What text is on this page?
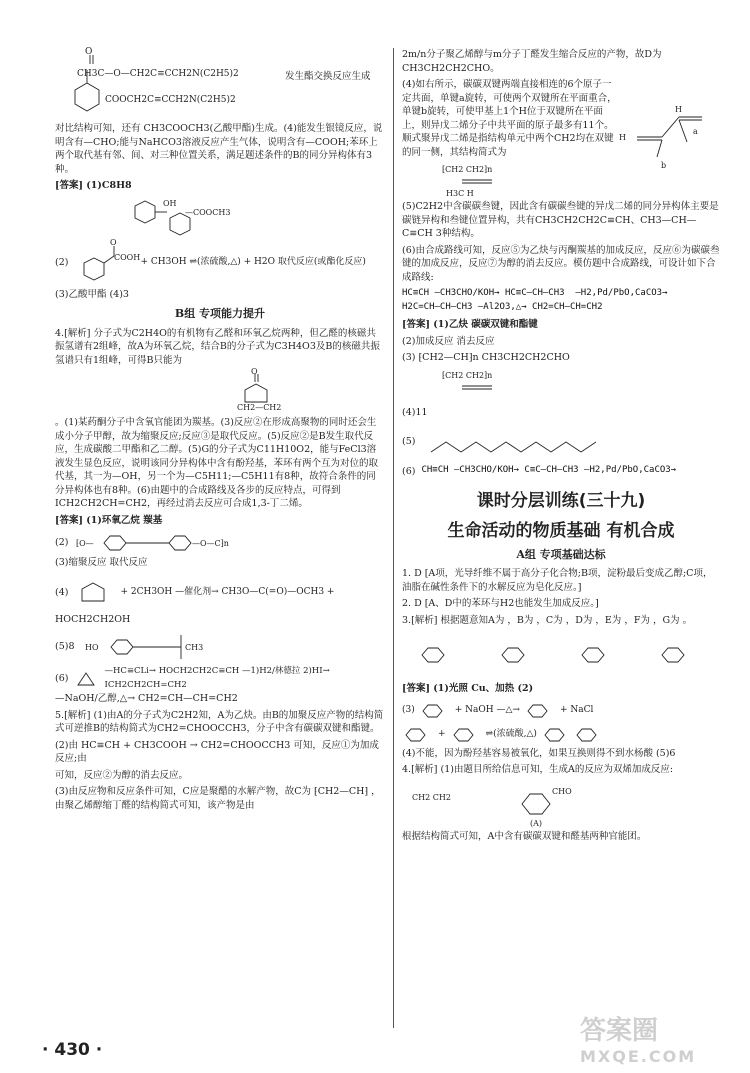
CH3C—O—CH2C≡CCH2N(C2H5)2
COOCH2C≡CCH2N(C2H5)2
O

发生酯交换反应生成

对比结构可知，还有 CH3COOCH3(乙酸甲酯)生成。(4)能发生银镜反应，说明含有—CHO;能与NaHCO3溶液反应产生气体，说明含有—COOH;苯环上两个取代基有邻、间、对三种位置关系，满足题述条件的B的同分异构体有3种。

[答案] (1)C8H8

OH
—COOCH3
(2)
O
COOH + CH3OH ⇌(浓硫酸,△) + H2O 取代反应(或酯化反应)

(3)乙酸甲酯 (4)3

B组 专项能力提升

4.[解析] 分子式为C2H4O的有机物有乙醛和环氧乙烷两种，但乙醛的核磁共振氢谱有2组峰，故A为环氧乙烷，结合B的分子式为C3H4O3及B的核磁共振氢谱只有1组峰，可得B只能为

O
CH2—CH2

。(1)某药酮分子中含氧官能团为羰基。(3)反应②在形成高聚物的同时还会生成小分子甲醇，故为缩聚反应;反应③是取代反应。(5)反应②是B发生取代反应，生成碳酸二甲酯和乙二醇。(5)G的分子式为C11H10O2，能与FeCl3溶液发生显色反应，说明该同分异构体中含有酚羟基，苯环有两个互为对位的取代基，其一为—OH，另一个为—C5H11;—C5H11有8种，故符合条件的同分异构体也有8种。(6)由题中的合成路线及各步的反应特点，可得到ICH2CH2CH=CH2，再经过消去反应可合成1,3-丁二烯。

[答案] (1)环氧乙烷 羰基

(2) ⁅O—	—O—C⁆n

(3)缩聚反应 取代反应

(4)	+ 2CH3OH —催化剂→ CH3O—C(=O)—OCH3 +

HOCH2CH2OH

(5)8 HO	CH3
(6)
—HC≡CLi→ HOCH2CH2C≡CH —1)H2/林德拉 2)HI→ ICH2CH2CH=CH2

—NaOH/乙醇,△→ CH2=CH—CH=CH2

5.[解析] (1)由A的分子式为C2H2知，A为乙炔。由B的加聚反应产物的结构简式可逆推B的结构简式为CH2=CHOOCCH3，分子中含有碳碳双键和酯键。

(2)由 HC≡CH + CH3COOH → CH2=CHOOCCH3 可知，反应①为加成反应;由

可知，反应②为醇的消去反应。

(3)由反应物和反应条件可知，C应是聚醋的水解产物，故C为 ⁅CH2—CH⁆ ，由聚乙烯醇缩丁醛的结构简式可知，该产物是由

2m/n分子聚乙烯醇与m分子丁醛发生缩合反应的产物，故D为CH3CH2CH2CHO。

(4)如右所示，碳碳双键两端直接相连的6个原子一定共面，单键a旋转，可使两个双键所在平面重合，单键b旋转，可使甲基上1个H位于双键所在平面上，则异戊二烯分子中共平面的原子最多有11个。顺式聚异戊二烯是指结构单元中两个CH2均在双键的同一侧，其结构简式为

H
a
b
H
⁅CH2 CH2⁆n
H3C H

(5)C2H2中含碳碳叁键，因此含有碳碳叁键的异戊二烯的同分异构体主要是碳链异构和叁键位置异构，共有CH3CH2CH2C≡CH、CH3—CH—C≡CH 3种结构。

(6)由合成路线可知，反应⑤为乙炔与丙酮羰基的加成反应，反应⑥为碳碳叁键的加成反应，反应⑦为醇的消去反应。模仿题中合成路线，可设计如下合成路线:

HC≡CH —CH3CHO/KOH→ HC≡C—CH—CH3  —H2,Pd/PbO,CaCO3→
H2C=CH—CH—CH3 —Al2O3,△→ CH2=CH—CH=CH2

[答案] (1)乙炔 碳碳双键和酯键

(2)加成反应 消去反应

(3) ⁅CH2—CH⁆n CH3CH2CH2CHO

⁅CH2 CH2⁆n

(4)11

(5)
(6) CH≡CH —CH3CHO/KOH→ C≡C—CH—CH3 —H2,Pd/PbO,CaCO3→
课时分层训练(三十九)
生命活动的物质基础 有机合成
A组 专项基础达标

1. D [A项，光导纤维不属于高分子化合物;B项，淀粉最后变成乙醇;C项，油脂在碱性条件下的水解反应为皂化反应。]

2. D [A、D中的苯环与H2也能发生加成反应。]

3.[解析] 根据题意知A为 ，B为 ，C为 ，D为 ，E为 ，F为 ，G为 。

[答案] (1)光照 Cu、加热 (2)

(3)	+ NaOH —△→	+ NaCl
+	⇌(浓硫酸,△)

(4)不能，因为酚羟基容易被氧化，如果互换则得不到水杨酸 (5)6

4.[解析] (1)由题目所给信息可知，生成A的反应为双烯加成反应:

CH2 CH2
CHO
(A)

根据结构简式可知，A中含有碳碳双键和醛基两种官能团。

· 430 ·
答案圈
MXQE.COM
